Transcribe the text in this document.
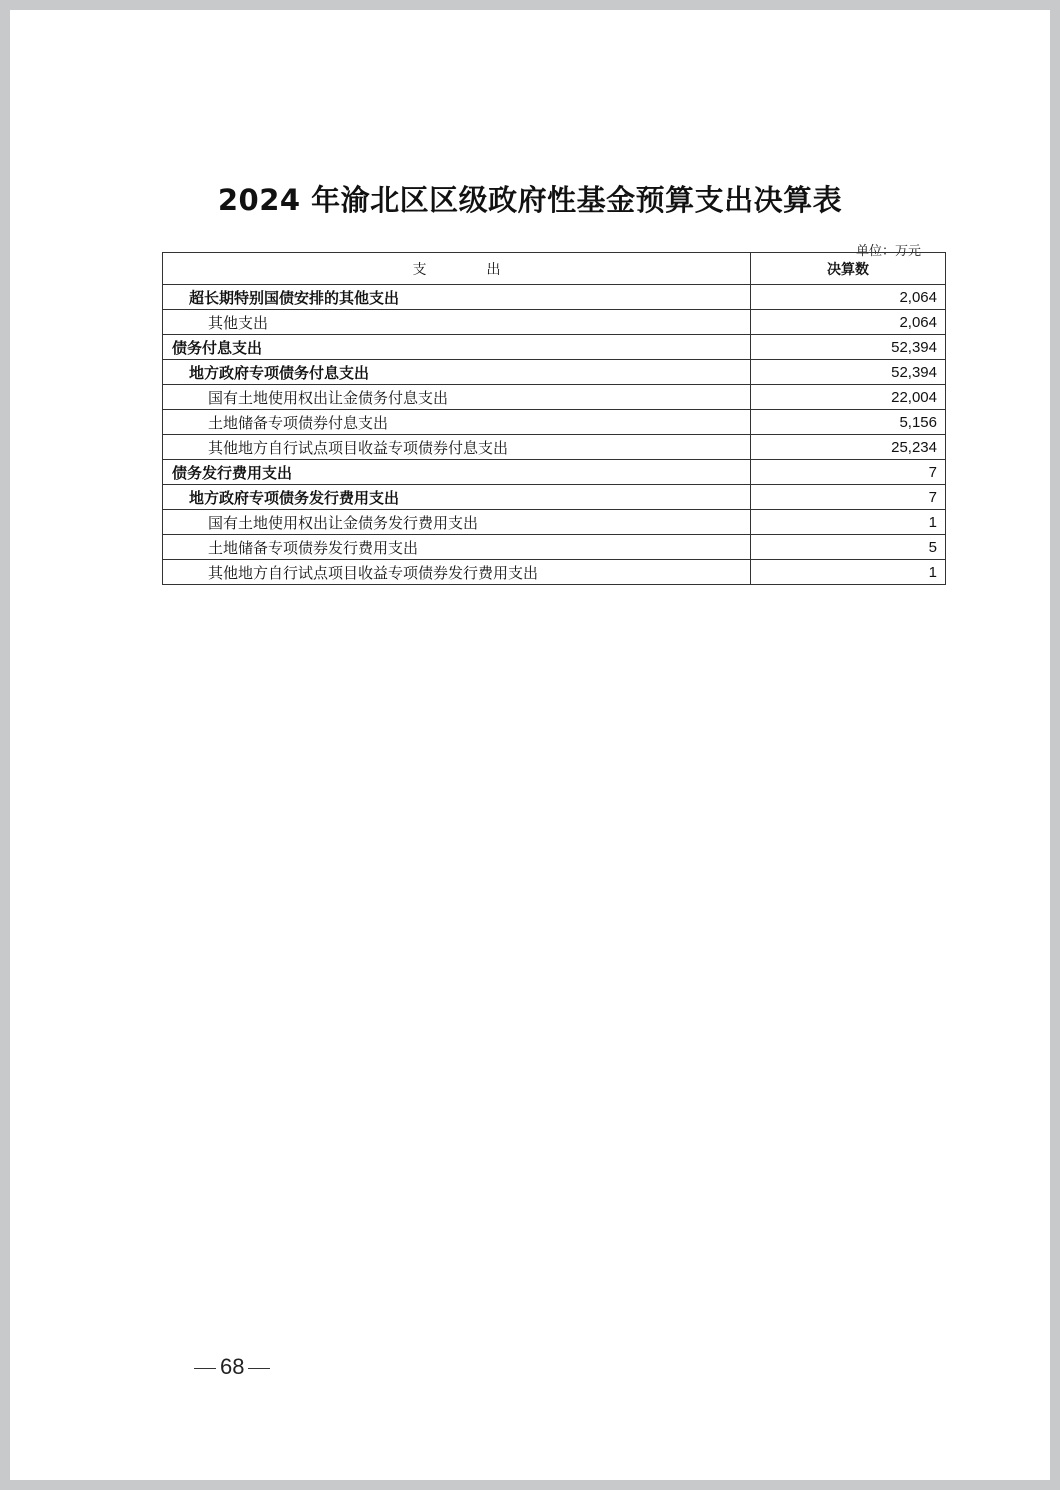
2024 年渝北区区级政府性基金预算支出决算表
单位：万元
支 出	决算数
超长期特别国债安排的其他支出	2,064
其他支出	2,064
债务付息支出	52,394
地方政府专项债务付息支出	52,394
国有土地使用权出让金债务付息支出	22,004
土地储备专项债券付息支出	5,156
其他地方自行试点项目收益专项债券付息支出	25,234
债务发行费用支出	7
地方政府专项债务发行费用支出	7
国有土地使用权出让金债务发行费用支出	1
土地储备专项债券发行费用支出	5
其他地方自行试点项目收益专项债券发行费用支出	1
68
